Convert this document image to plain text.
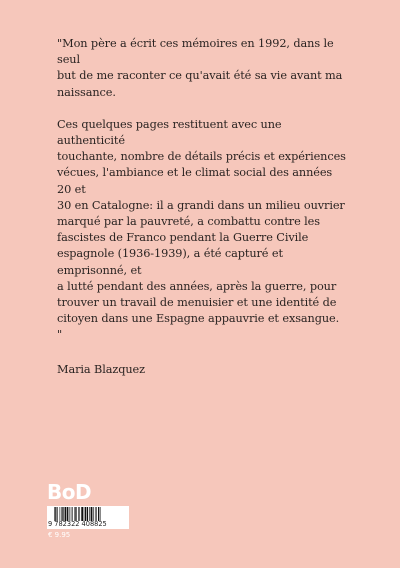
"Mon père a écrit ces mémoires en 1992, dans le seul
but de me raconter ce qu'avait été sa vie avant ma
naissance.

Ces quelques pages restituent avec une authenticité
touchante, nombre de détails précis et expériences
vécues, l'ambiance et le climat social des années 20 et
30 en Catalogne: il a grandi dans un milieu ouvrier
marqué par la pauvreté, a combattu contre les
fascistes de Franco pendant la Guerre Civile
espagnole (1936-1939), a été capturé et emprisonné, et
a lutté pendant des années, après la guerre, pour
trouver un travail de menuisier et une identité de
citoyen dans une Espagne appauvrie et exsangue. "

Maria Blazquez

BoD
9 782322 408825
€ 9.95
